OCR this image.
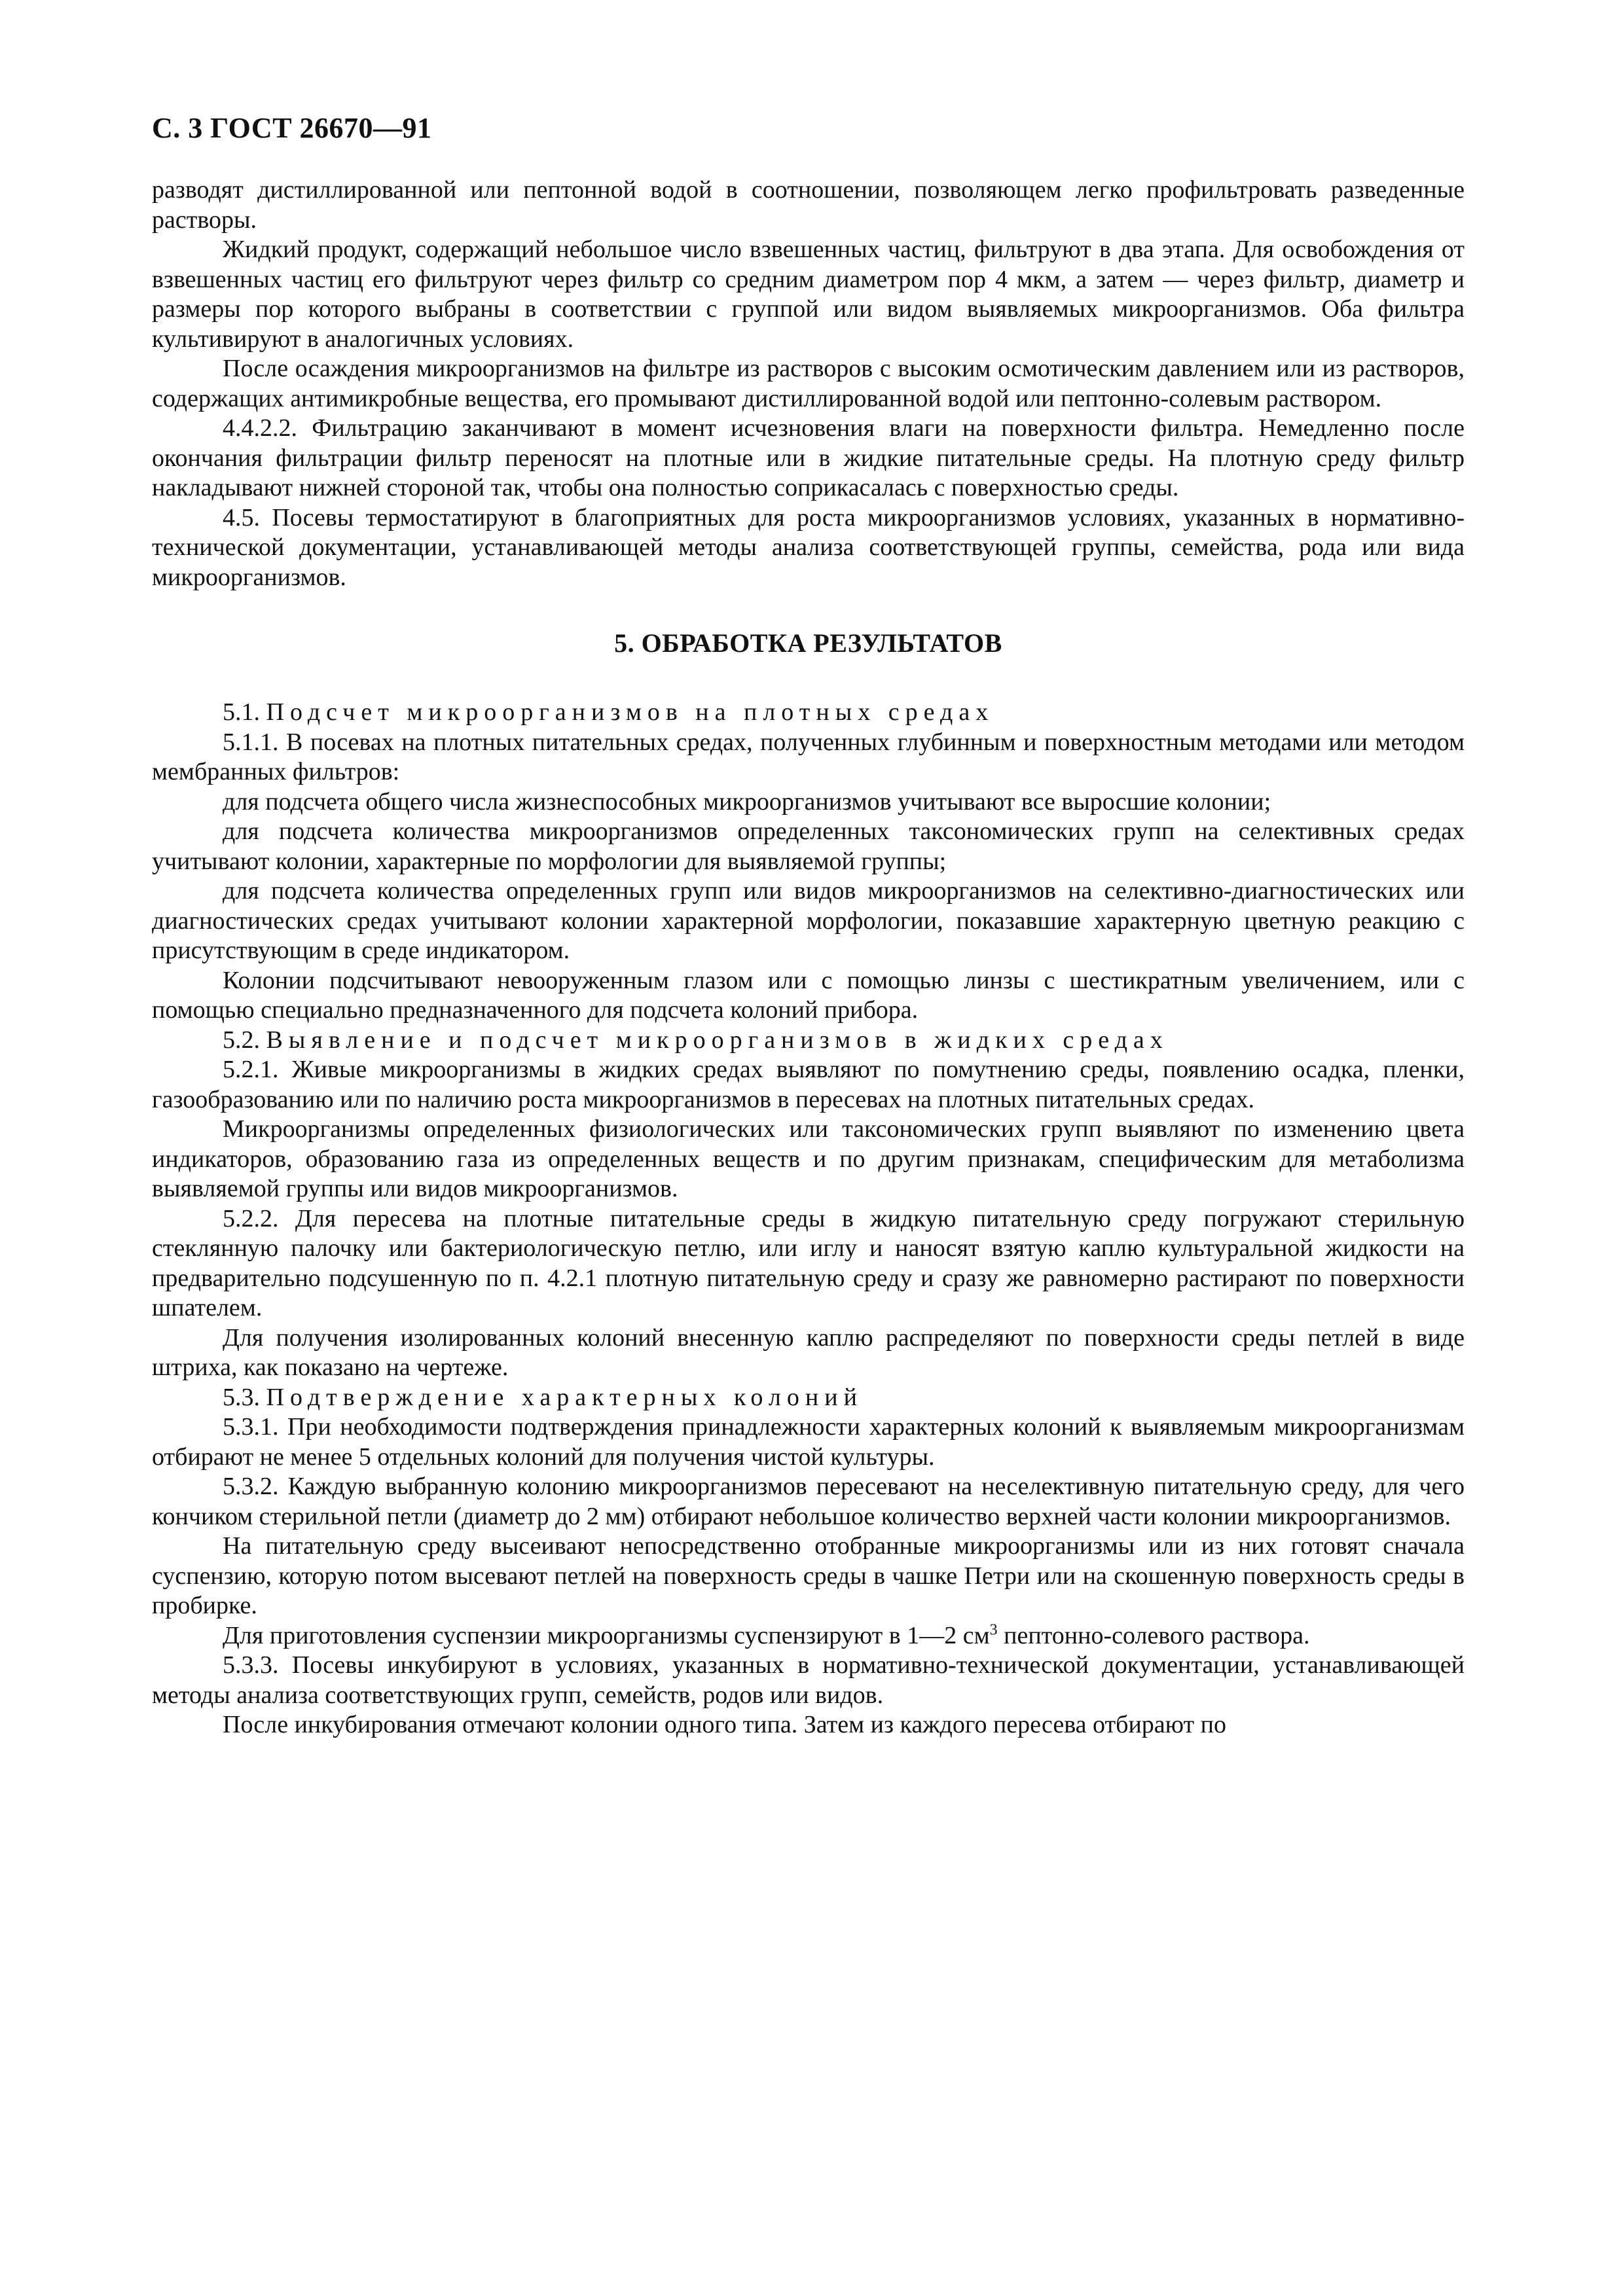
С. 3 ГОСТ 26670—91

разводят дистиллированной или пептонной водой в соотношении, позволяющем легко профильтровать разведенные растворы.

Жидкий продукт, содержащий небольшое число взвешенных частиц, фильтруют в два этапа. Для освобождения от взвешенных частиц его фильтруют через фильтр со средним диаметром пор 4 мкм, а затем — через фильтр, диаметр и размеры пор которого выбраны в соответствии с группой или видом выявляемых микроорганизмов. Оба фильтра культивируют в аналогичных условиях.

После осаждения микроорганизмов на фильтре из растворов с высоким осмотическим давлением или из растворов, содержащих антимикробные вещества, его промывают дистиллированной водой или пептонно-солевым раствором.

4.4.2.2. Фильтрацию заканчивают в момент исчезновения влаги на поверхности фильтра. Немедленно после окончания фильтрации фильтр переносят на плотные или в жидкие питательные среды. На плотную среду фильтр накладывают нижней стороной так, чтобы она полностью соприкасалась с поверхностью среды.

4.5. Посевы термостатируют в благоприятных для роста микроорганизмов условиях, указанных в нормативно-технической документации, устанавливающей методы анализа соответствующей группы, семейства, рода или вида микроорганизмов.

5. ОБРАБОТКА РЕЗУЛЬТАТОВ

5.1. Подсчет микроорганизмов на плотных средах

5.1.1. В посевах на плотных питательных средах, полученных глубинным и поверхностным методами или методом мембранных фильтров:

для подсчета общего числа жизнеспособных микроорганизмов учитывают все выросшие колонии;

для подсчета количества микроорганизмов определенных таксономических групп на селективных средах учитывают колонии, характерные по морфологии для выявляемой группы;

для подсчета количества определенных групп или видов микроорганизмов на селективно-диагностических или диагностических средах учитывают колонии характерной морфологии, показавшие характерную цветную реакцию с присутствующим в среде индикатором.

Колонии подсчитывают невооруженным глазом или с помощью линзы с шестикратным увеличением, или с помощью специально предназначенного для подсчета колоний прибора.

5.2. Выявление и подсчет микроорганизмов в жидких средах

5.2.1. Живые микроорганизмы в жидких средах выявляют по помутнению среды, появлению осадка, пленки, газообразованию или по наличию роста микроорганизмов в пересевах на плотных питательных средах.

Микроорганизмы определенных физиологических или таксономических групп выявляют по изменению цвета индикаторов, образованию газа из определенных веществ и по другим признакам, специфическим для метаболизма выявляемой группы или видов микроорганизмов.

5.2.2. Для пересева на плотные питательные среды в жидкую питательную среду погружают стерильную стеклянную палочку или бактериологическую петлю, или иглу и наносят взятую каплю культуральной жидкости на предварительно подсушенную по п. 4.2.1 плотную питательную среду и сразу же равномерно растирают по поверхности шпателем.

Для получения изолированных колоний внесенную каплю распределяют по поверхности среды петлей в виде штриха, как показано на чертеже.

5.3. Подтверждение характерных колоний

5.3.1. При необходимости подтверждения принадлежности характерных колоний к выявляемым микроорганизмам отбирают не менее 5 отдельных колоний для получения чистой культуры.

5.3.2. Каждую выбранную колонию микроорганизмов пересевают на неселективную питательную среду, для чего кончиком стерильной петли (диаметр до 2 мм) отбирают небольшое количество верхней части колонии микроорганизмов.

На питательную среду высеивают непосредственно отобранные микроорганизмы или из них готовят сначала суспензию, которую потом высевают петлей на поверхность среды в чашке Петри или на скошенную поверхность среды в пробирке.

Для приготовления суспензии микроорганизмы суспензируют в 1—2 $см^3$ пептонно-солевого раствора.

5.3.3. Посевы инкубируют в условиях, указанных в нормативно-технической документации, устанавливающей методы анализа соответствующих групп, семейств, родов или видов.

После инкубирования отмечают колонии одного типа. Затем из каждого пересева отбирают по
